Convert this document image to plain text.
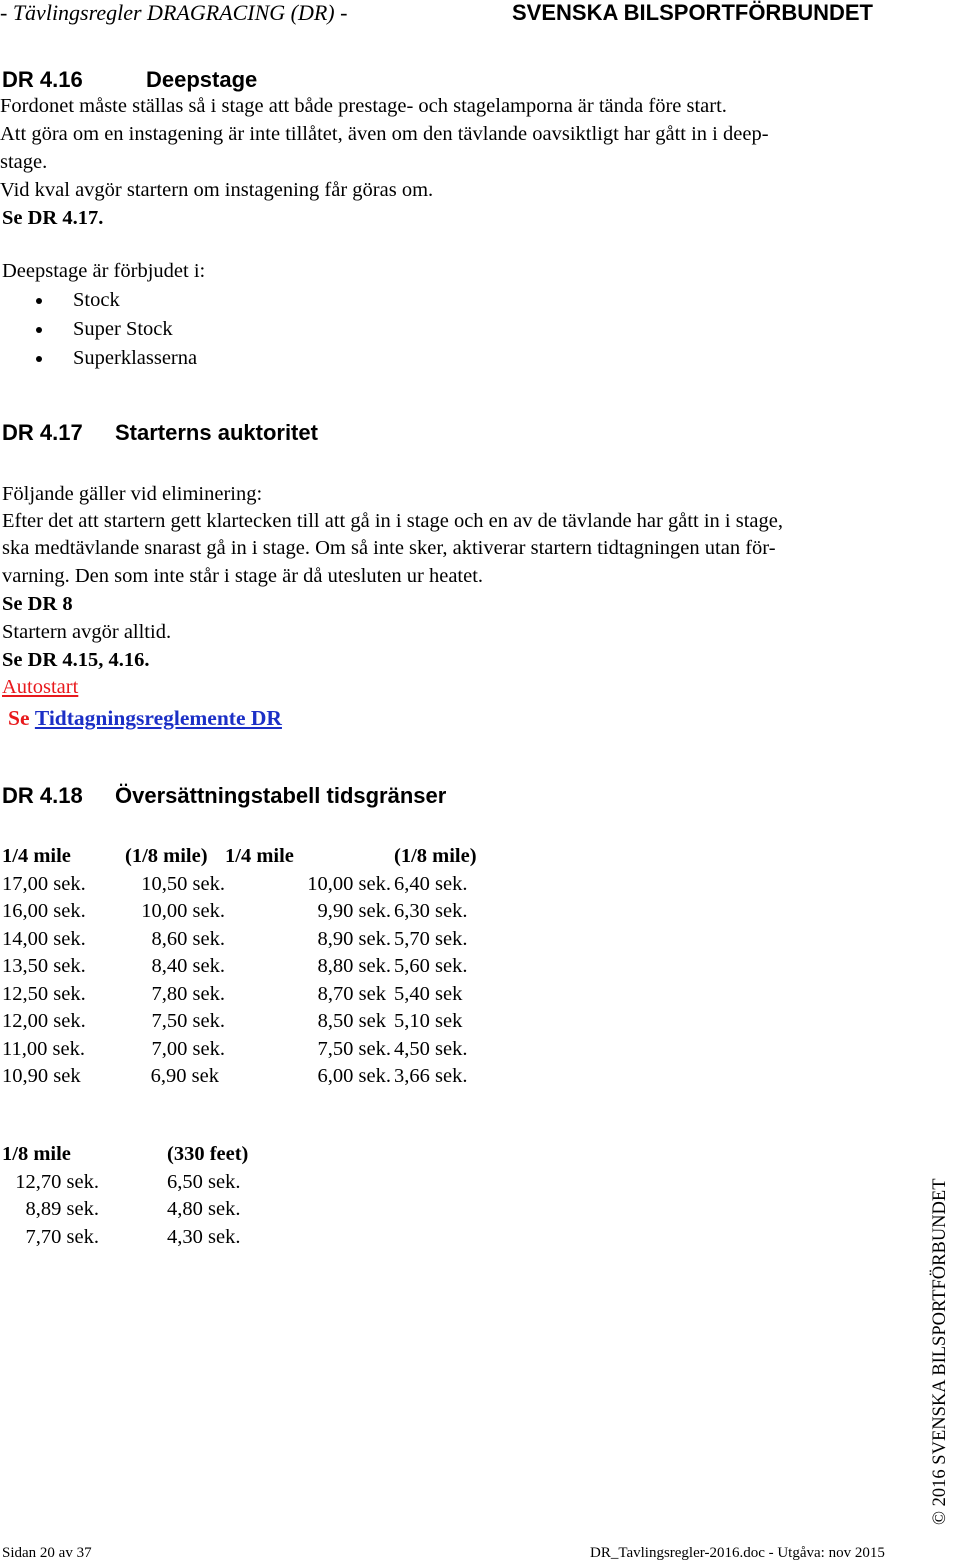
- Tävlingsregler DRAGRACING (DR) -	SVENSKA BILSPORTFÖRBUNDET
DR 4.16	Deepstage
Fordonet måste ställas så i stage att både prestage- och stagelamporna är tända före start.
Att göra om en instagening är inte tillåtet, även om den tävlande oavsiktligt har gått in i deep-
stage.
Vid kval avgör startern om instagening får göras om.
Se DR 4.17.
Deepstage är förbjudet i:
Stock
Super Stock
Superklasserna
DR 4.17 Starterns auktoritet
Följande gäller vid eliminering:
Efter det att startern gett klartecken till att gå in i stage och en av de tävlande har gått in i stage,
ska medtävlande snarast gå in i stage. Om så inte sker, aktiverar startern tidtagningen utan för-
varning. Den som inte står i stage är då utesluten ur heatet.
Se DR 8
Startern avgör alltid.
Se DR 4.15, 4.16.
Autostart
Se Tidtagningsreglemente DR
DR 4.18 Översättningstabell tidsgränser
1/4 mile	(1/8 mile)	1/4 mile	(1/8 mile)
17,00 sek.	10,50 sek.	10,00 sek.	6,40 sek.
16,00 sek.	10,00 sek.	9,90 sek.	6,30 sek.
14,00 sek.	8,60 sek.	8,90 sek.	5,70 sek.
13,50 sek.	8,40 sek.	8,80 sek.	5,60 sek.
12,50 sek.	7,80 sek.	8,70 sek	5,40 sek
12,00 sek.	7,50 sek.	8,50 sek	5,10 sek
11,00 sek.	7,00 sek.	7,50 sek.	4,50 sek.
10,90 sek	6,90 sek	6,00 sek.	3,66 sek.
1/8 mile	(330 feet)
12,70 sek.	6,50 sek.
8,89 sek.	4,80 sek.
7,70 sek.	4,30 sek.	© 2016 SVENSKA BILSPORTFÖRBUNDET
Sidan 20 av 37	DR_Tavlingsregler-2016.doc - Utgåva: nov 2015
